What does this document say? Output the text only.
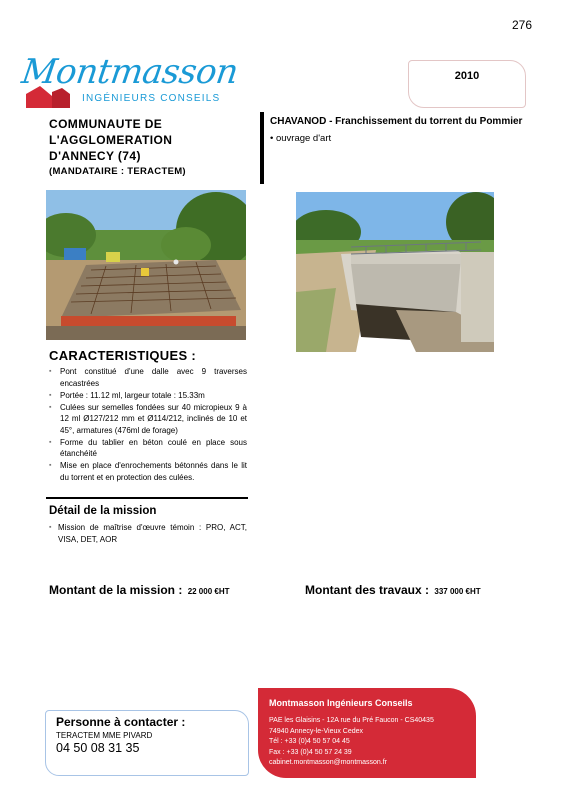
276
Montmasson
INGÉNIEURS CONSEILS
2010
COMMUNAUTE DE
L'AGGLOMERATION
D'ANNECY (74)
(MANDATAIRE : TERACTEM)
CHAVANOD - Franchissement du torrent du Pommier
• ouvrage d'art
CARACTERISTIQUES :
▪ Pont constitué d'une dalle avec 9 traverses encastrées
▪ Portée : 11.12 ml, largeur totale : 15.33m
▪ Culées sur semelles fondées sur 40 micropieux 9 à 12 ml Ø127/212 mm et Ø114/212, inclinés de 10 et 45°, armatures (476ml de forage)
▪ Forme du tablier en béton coulé en place sous étanchéité
▪ Mise en place d'enrochements bétonnés dans le lit du torrent et en protection des culées.
Détail de la mission
▪ Mission de maîtrise d'œuvre témoin : PRO, ACT, VISA, DET, AOR
Montant de la mission : 22 000 €HT	Montant des travaux : 337 000 €HT
Montmasson Ingénieurs Conseils
PAE les Glaisins - 12A rue du Pré Faucon - CS40435
74940 Annecy-le-Vieux Cedex
Tél : +33 (0)4 50 57 04 45
Fax : +33 (0)4 50 57 24 39
cabinet.montmasson@montmasson.fr
Personne à contacter :
TERACTEM MME PIVARD
04 50 08 31 35
